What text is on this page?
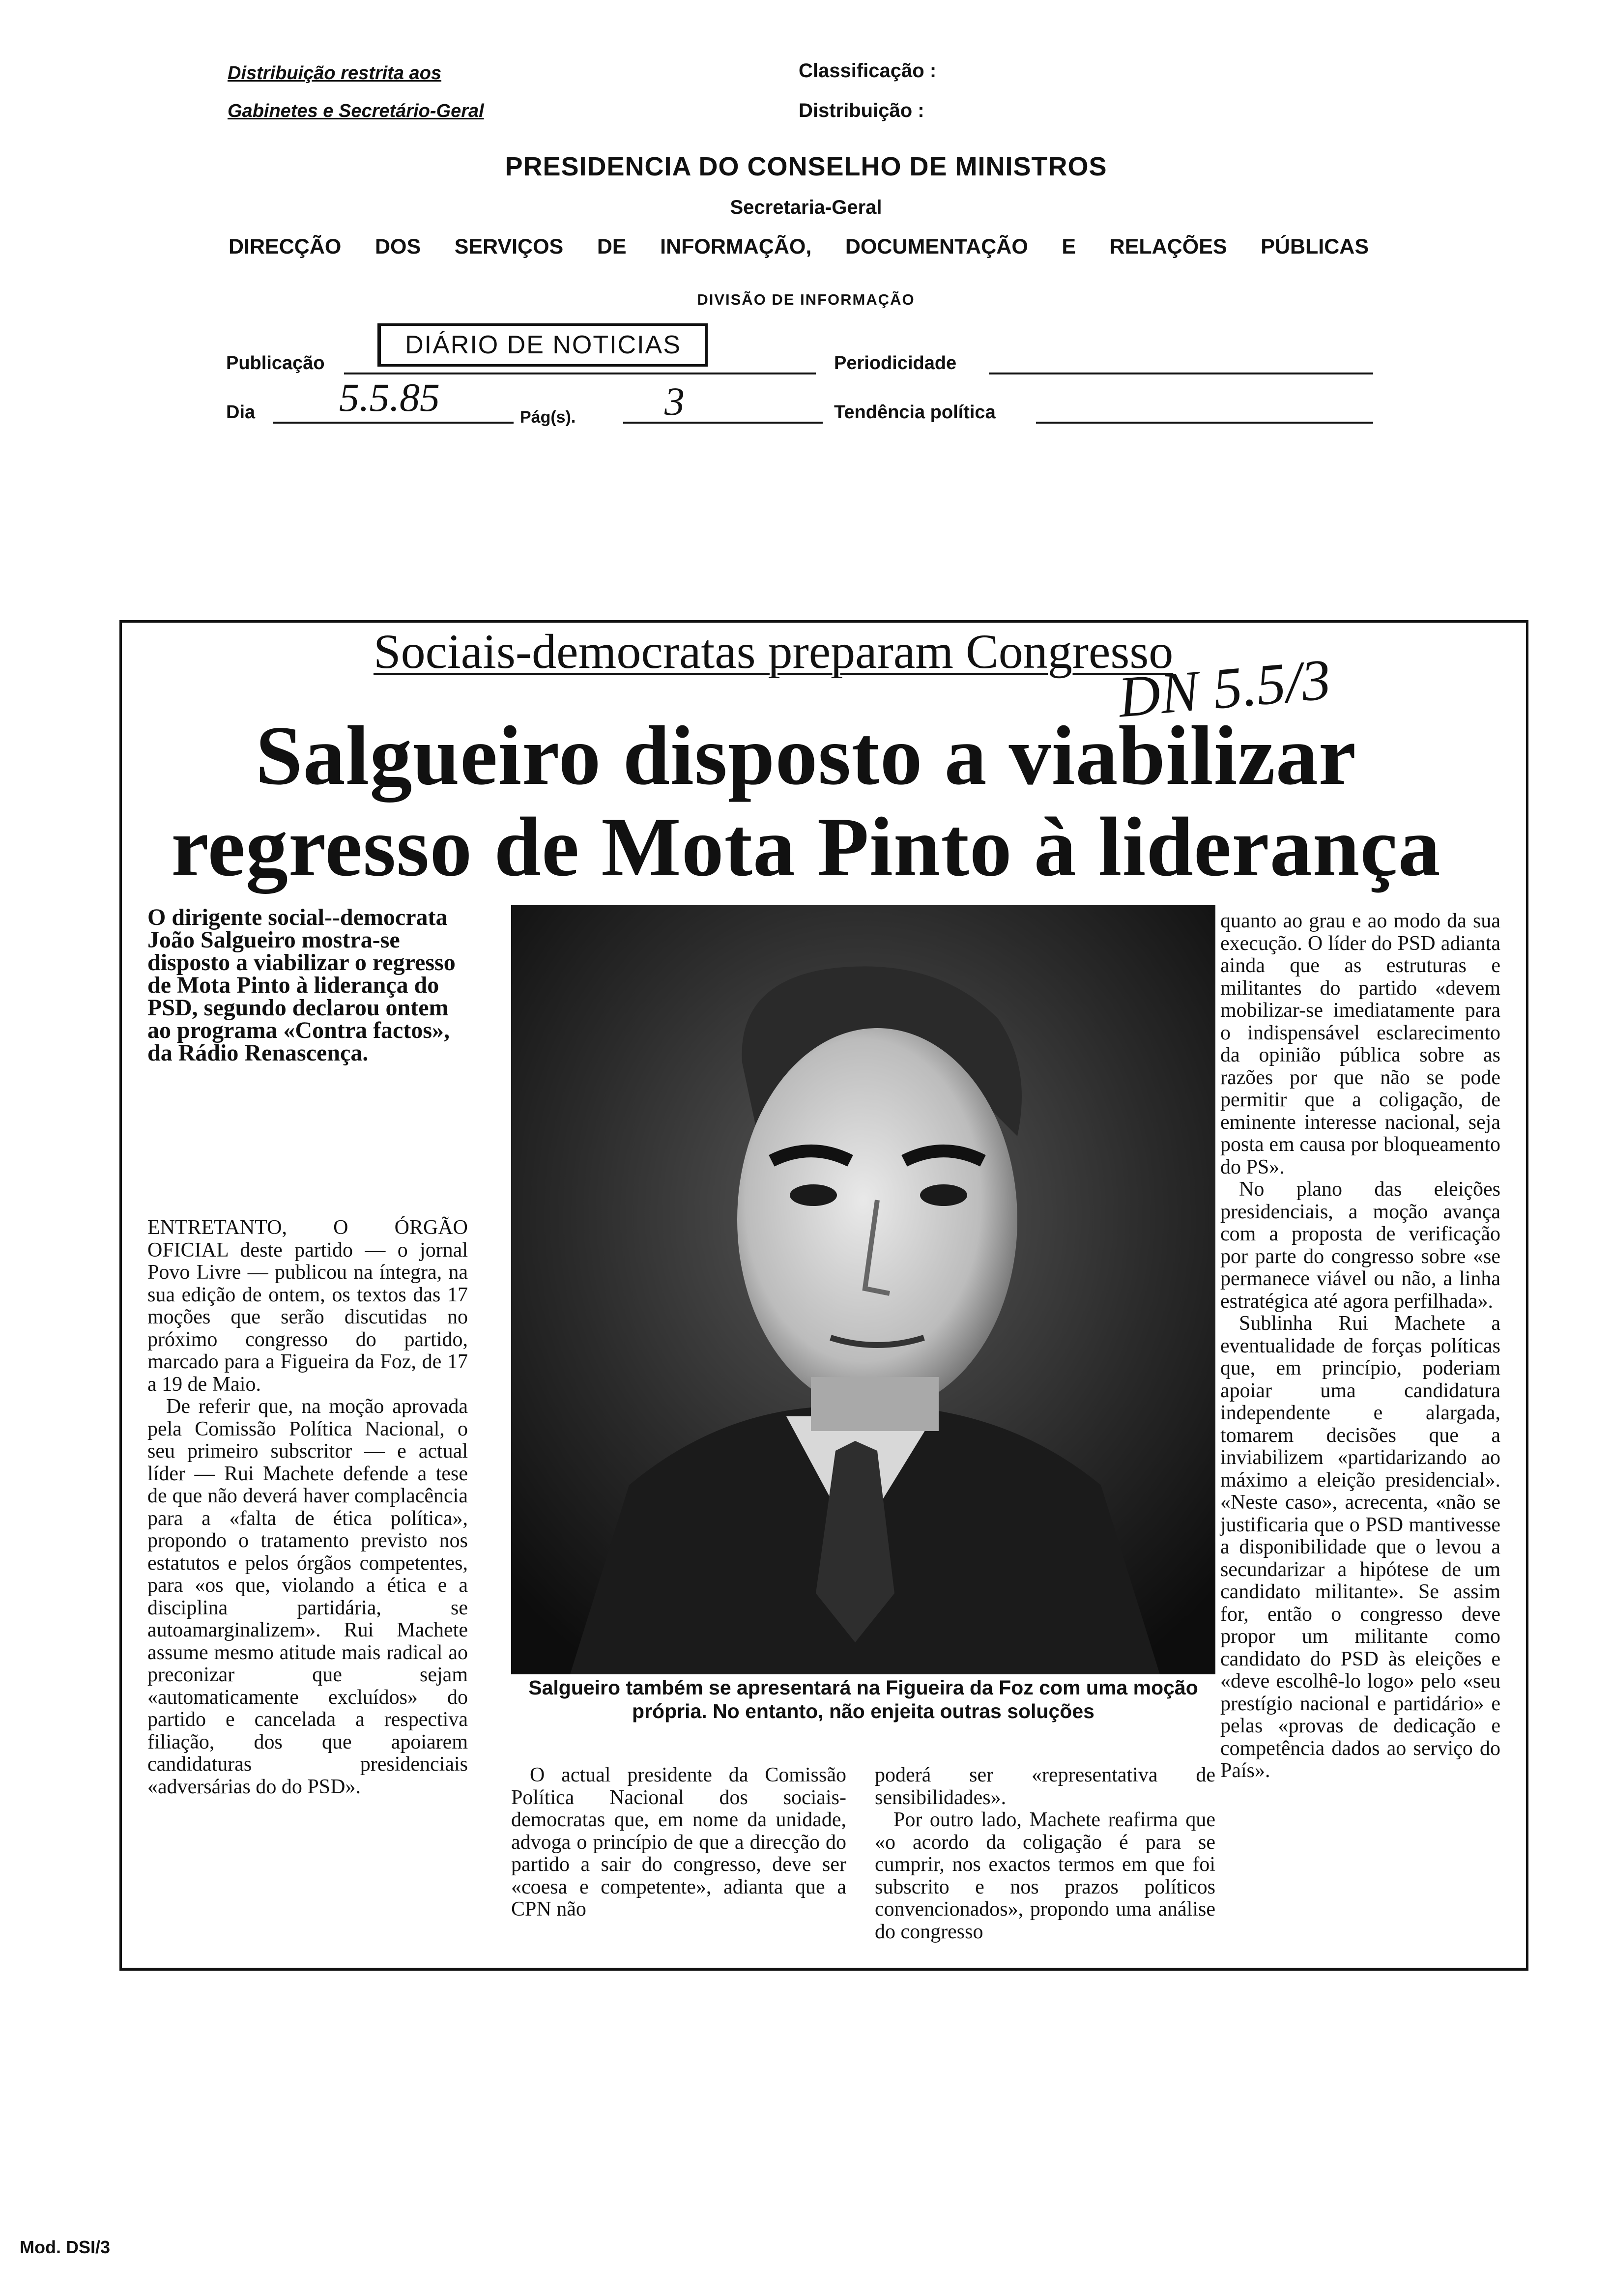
Distribuição restrita aos
Gabinetes e Secretário-Geral
Classificação :
Distribuição :
PRESIDENCIA DO CONSELHO DE MINISTROS
Secretaria-Geral
DIRECÇÃO DOS SERVIÇOS DE INFORMAÇÃO, DOCUMENTAÇÃO E RELAÇÕES PÚBLICAS
DIVISÃO DE INFORMAÇÃO
Publicação
DIÁRIO DE NOTICIAS
Periodicidade
Dia 5.5.85	Pág(s). 3	Tendência política
Sociais-democratas preparam Congresso
DN 5.5/3
Salgueiro disposto a viabilizar
regresso de Mota Pinto à liderança
O dirigente social--democrata João Salgueiro mostra-se disposto a viabilizar o regresso de Mota Pinto à liderança do PSD, segundo declarou ontem ao programa «Contra factos», da Rádio Renascença.

ENTRETANTO, O ÓRGÃO OFICIAL deste partido — o jornal Povo Livre — publicou na íntegra, na sua edição de ontem, os textos das 17 moções que serão discutidas no próximo congresso do partido, marcado para a Figueira da Foz, de 17 a 19 de Maio.

De referir que, na moção aprovada pela Comissão Política Nacional, o seu primeiro subscritor — e actual líder — Rui Machete defende a tese de que não deverá haver complacência para a «falta de ética política», propondo o tratamento previsto nos estatutos e pelos órgãos competentes, para «os que, violando a ética e a disciplina partidária, se autoamarginalizem». Rui Machete assume mesmo atitude mais radical ao preconizar que sejam «automaticamente excluídos» do partido e cancelada a respectiva filiação, dos que apoiarem candidaturas presidenciais «adversárias do do PSD».

Salgueiro também se apresentará na Figueira da Foz com uma moção própria. No entanto, não enjeita outras soluções

O actual presidente da Comissão Política Nacional dos sociais-democratas que, em nome da unidade, advoga o princípio de que a direcção do partido a sair do congresso, deve ser «coesa e competente», adianta que a CPN não

poderá ser «representativa de sensibilidades».

Por outro lado, Machete reafirma que «o acordo da coligação é para se cumprir, nos exactos termos em que foi subscrito e nos prazos políticos convencionados», propondo uma análise do congresso

quanto ao grau e ao modo da sua execução. O líder do PSD adianta ainda que as estruturas e militantes do partido «devem mobilizar-se imediatamente para o indispensável esclarecimento da opinião pública sobre as razões por que não se pode permitir que a coligação, de eminente interesse nacional, seja posta em causa por bloqueamento do PS».

No plano das eleições presidenciais, a moção avança com a proposta de verificação por parte do congresso sobre «se permanece viável ou não, a linha estratégica até agora perfilhada».

Sublinha Rui Machete a eventualidade de forças políticas que, em princípio, poderiam apoiar uma candidatura independente e alargada, tomarem decisões que a inviabilizem «partidarizando ao máximo a eleição presidencial». «Neste caso», acrecenta, «não se justificaria que o PSD mantivesse a disponibilidade que o levou a secundarizar a hipótese de um candidato militante». Se assim for, então o congresso deve propor um militante como candidato do PSD às eleições e «deve escolhê-lo logo» pelo «seu prestígio nacional e partidário» e pelas «provas de dedicação e competência dados ao serviço do País».

Mod. DSI/3
